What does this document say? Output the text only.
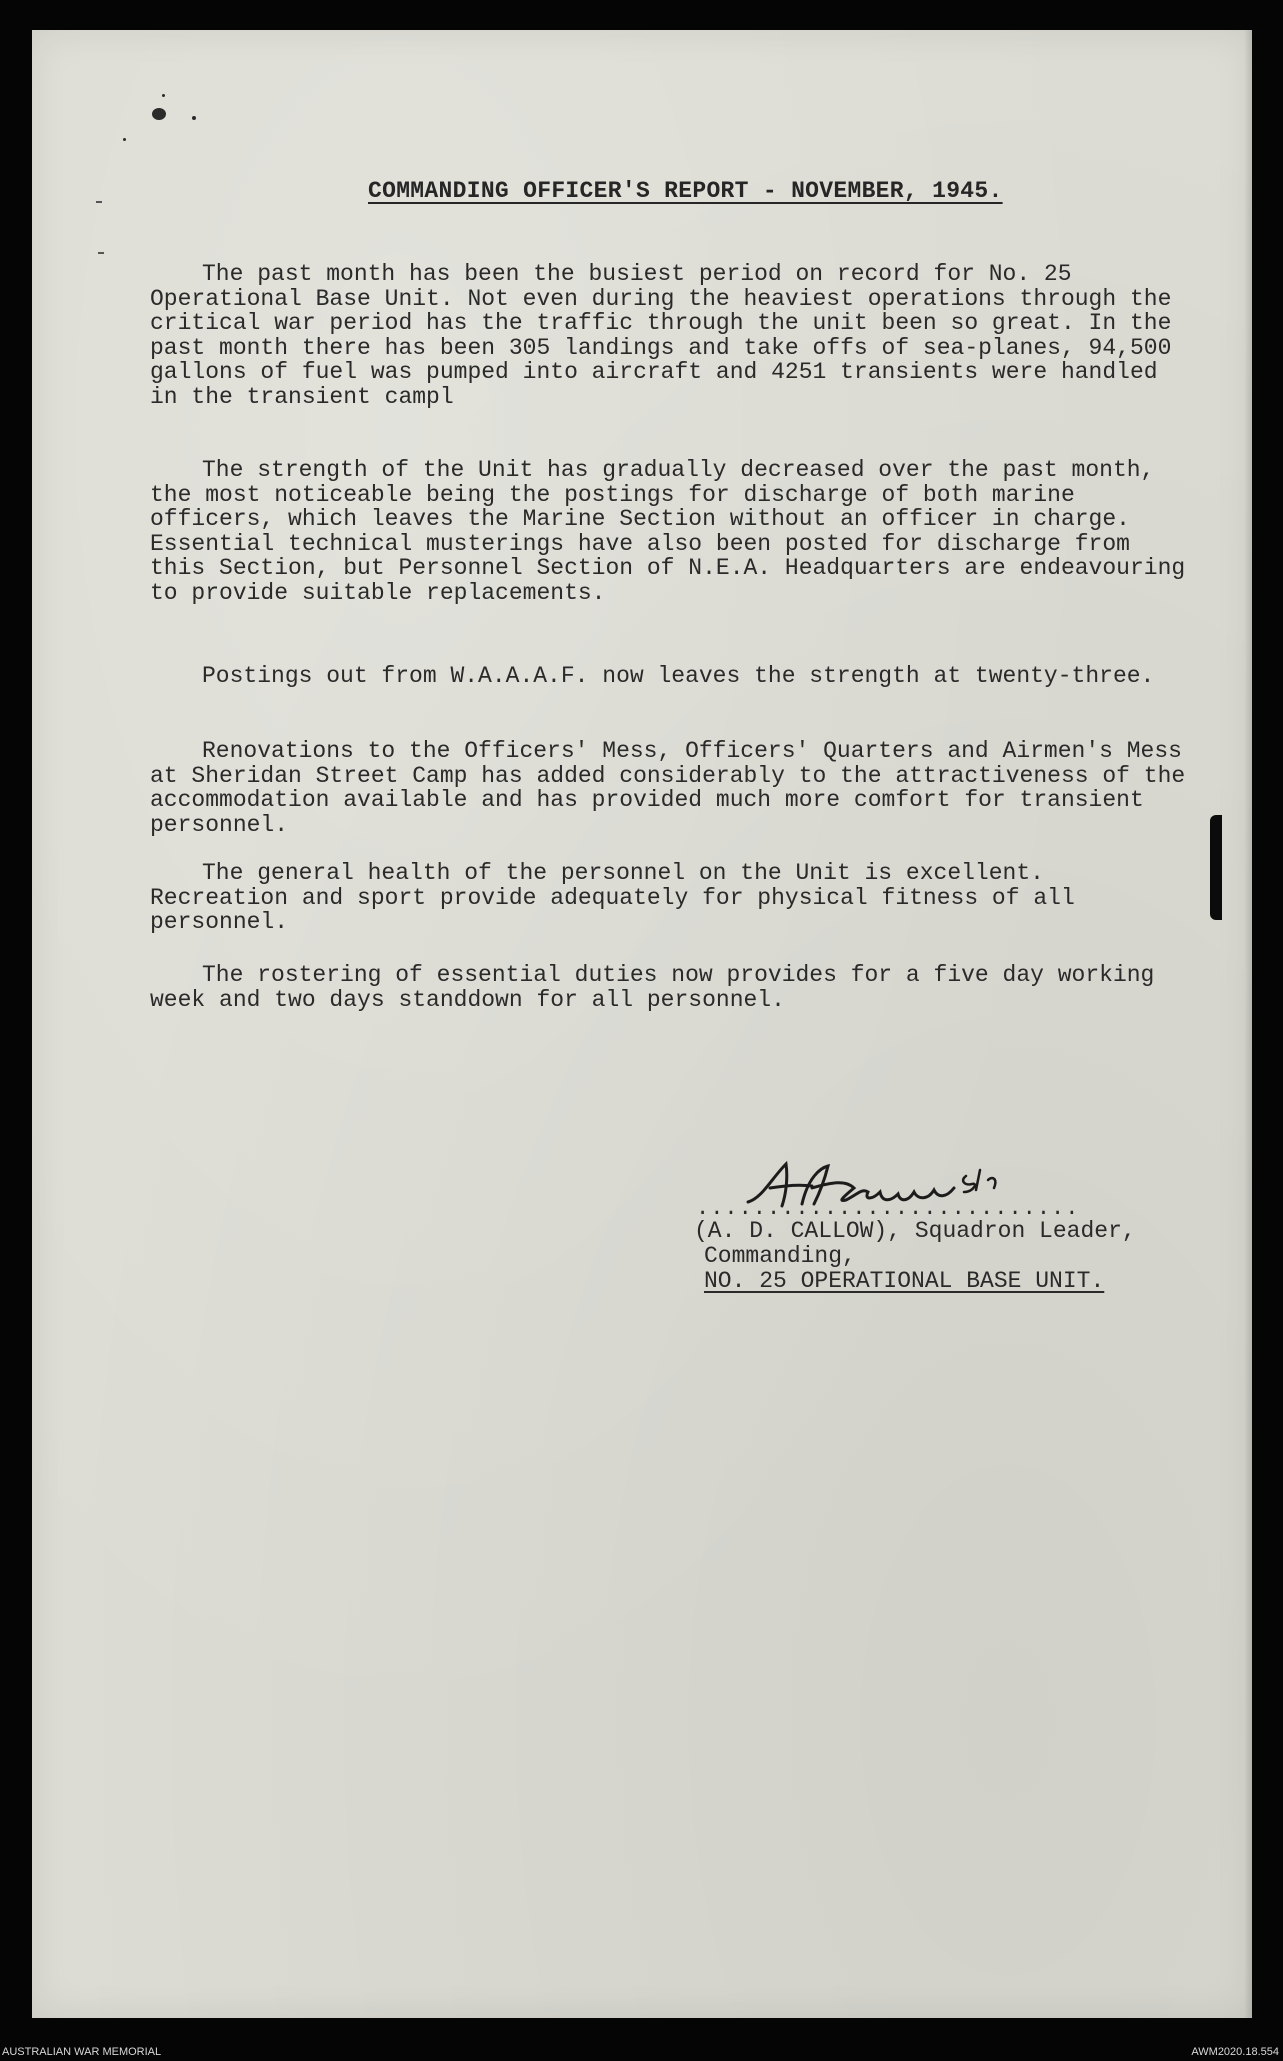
COMMANDING OFFICER'S REPORT - NOVEMBER, 1945.

The past month has been the busiest period on record for No. 25 Operational Base Unit. Not even during the heaviest operations through the critical war period has the traffic through the unit been so great. In the past month there has been 305 landings and take offs of sea-planes, 94,500 gallons of fuel was pumped into aircraft and 4251 transients were handled in the transient campl

The strength of the Unit has gradually decreased over the past month, the most noticeable being the postings for discharge of both marine officers, which leaves the Marine Section without an officer in charge. Essential technical musterings have also been posted for discharge from this Section, but Personnel Section of N.E.A. Headquarters are endeavouring to provide suitable replacements.

Postings out from W.A.A.A.F. now leaves the strength at twenty-three.

Renovations to the Officers' Mess, Officers' Quarters and Airmen's Mess at Sheridan Street Camp has added considerably to the attractiveness of the accommodation available and has provided much more comfort for transient personnel.

The general health of the personnel on the Unit is excellent. Recreation and sport provide adequately for physical fitness of all personnel.

The rostering of essential duties now provides for a five day working week and two days standdown for all personnel.

...........................
(A. D. CALLOW), Squadron Leader,
Commanding,
NO. 25 OPERATIONAL BASE UNIT.
AUSTRALIAN WAR MEMORIAL	AWM2020.18.554
